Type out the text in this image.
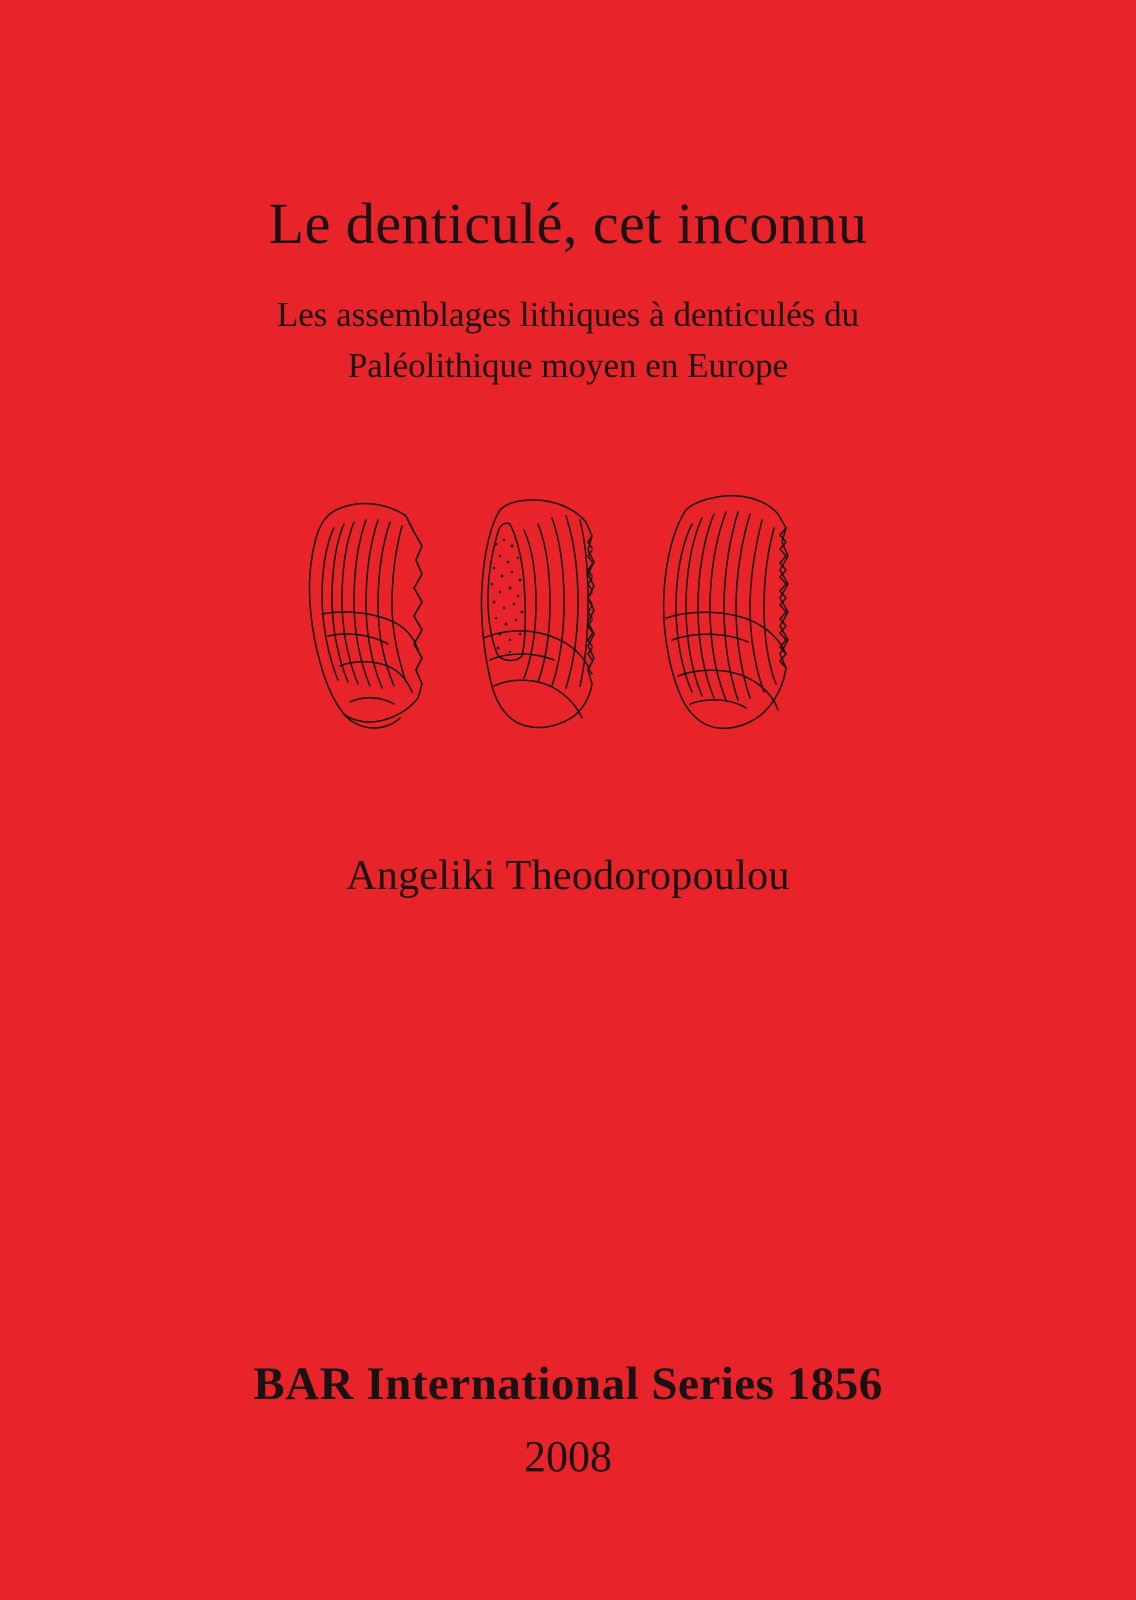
Le denticulé, cet inconnu
Les assemblages lithiques à denticulés du
Paléolithique moyen en Europe
Angeliki Theodoropoulou
BAR International Series 1856
2008
